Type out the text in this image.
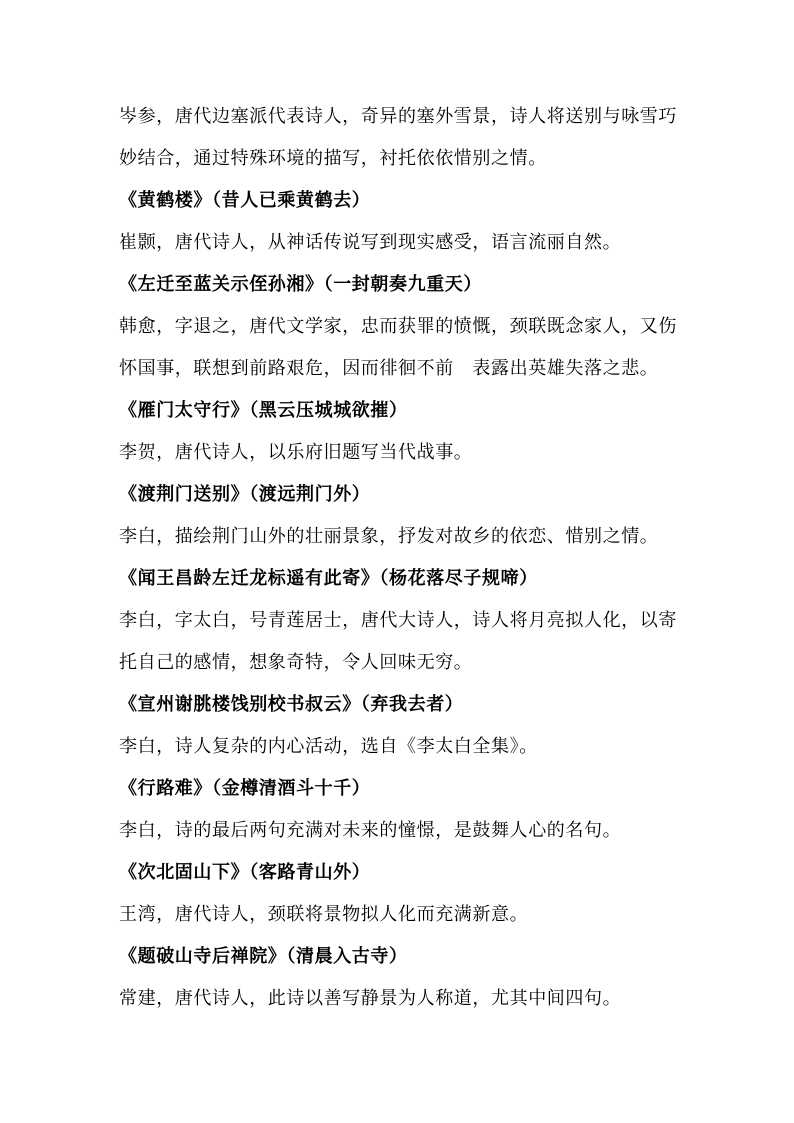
岑参，唐代边塞派代表诗人，奇异的塞外雪景，诗人将送别与咏雪巧
妙结合，通过特殊环境的描写，衬托依依惜别之情。
《黄鹤楼》（昔人已乘黄鹤去）
崔颢，唐代诗人，从神话传说写到现实感受，语言流丽自然。
《左迁至蓝关示侄孙湘》（一封朝奏九重天）
韩愈，字退之，唐代文学家，忠而获罪的愤慨，颈联既念家人，又伤
怀国事，联想到前路艰危，因而徘徊不前　表露出英雄失落之悲。
《雁门太守行》（黑云压城城欲摧）
李贺，唐代诗人，以乐府旧题写当代战事。
《渡荆门送别》（渡远荆门外）
李白，描绘荆门山外的壮丽景象，抒发对故乡的依恋、惜别之情。
《闻王昌龄左迁龙标遥有此寄》（杨花落尽子规啼）
李白，字太白，号青莲居士，唐代大诗人，诗人将月亮拟人化，以寄
托自己的感情，想象奇特，令人回味无穷。
《宣州谢朓楼饯别校书叔云》（弃我去者）
李白，诗人复杂的内心活动，选自《李太白全集》。
《行路难》（金樽清酒斗十千）
李白，诗的最后两句充满对未来的憧憬，是鼓舞人心的名句。
《次北固山下》（客路青山外）
王湾，唐代诗人，颈联将景物拟人化而充满新意。
《题破山寺后禅院》（清晨入古寺）
常建，唐代诗人，此诗以善写静景为人称道，尤其中间四句。
